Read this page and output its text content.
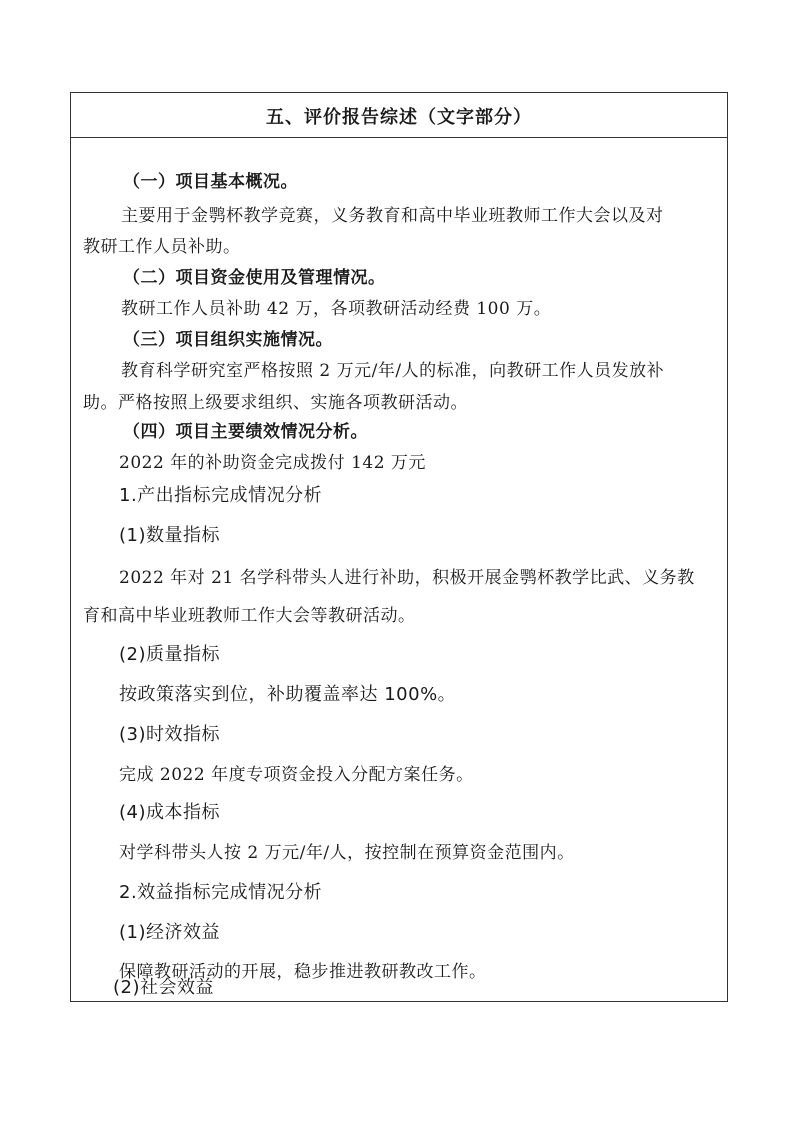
五、评价报告综述（文字部分）
（一）项目基本概况。
主要用于金鹗杯教学竞赛，义务教育和高中毕业班教师工作大会以及对
教研工作人员补助。
（二）项目资金使用及管理情况。
教研工作人员补助 42 万，各项教研活动经费 100 万。
（三）项目组织实施情况。
教育科学研究室严格按照 2 万元/年/人的标准，向教研工作人员发放补
助。严格按照上级要求组织、实施各项教研活动。
（四）项目主要绩效情况分析。
2022 年的补助资金完成拨付 142 万元
1.产出指标完成情况分析
(1)数量指标
2022 年对 21 名学科带头人进行补助，积极开展金鹗杯教学比武、义务教
育和高中毕业班教师工作大会等教研活动。
(2)质量指标
按政策落实到位，补助覆盖率达 100%。
(3)时效指标
完成 2022 年度专项资金投入分配方案任务。
(4)成本指标
对学科带头人按 2 万元/年/人，按控制在预算资金范围内。
2.效益指标完成情况分析
(1)经济效益
保障教研活动的开展，稳步推进教研教改工作。
(2)社会效益
